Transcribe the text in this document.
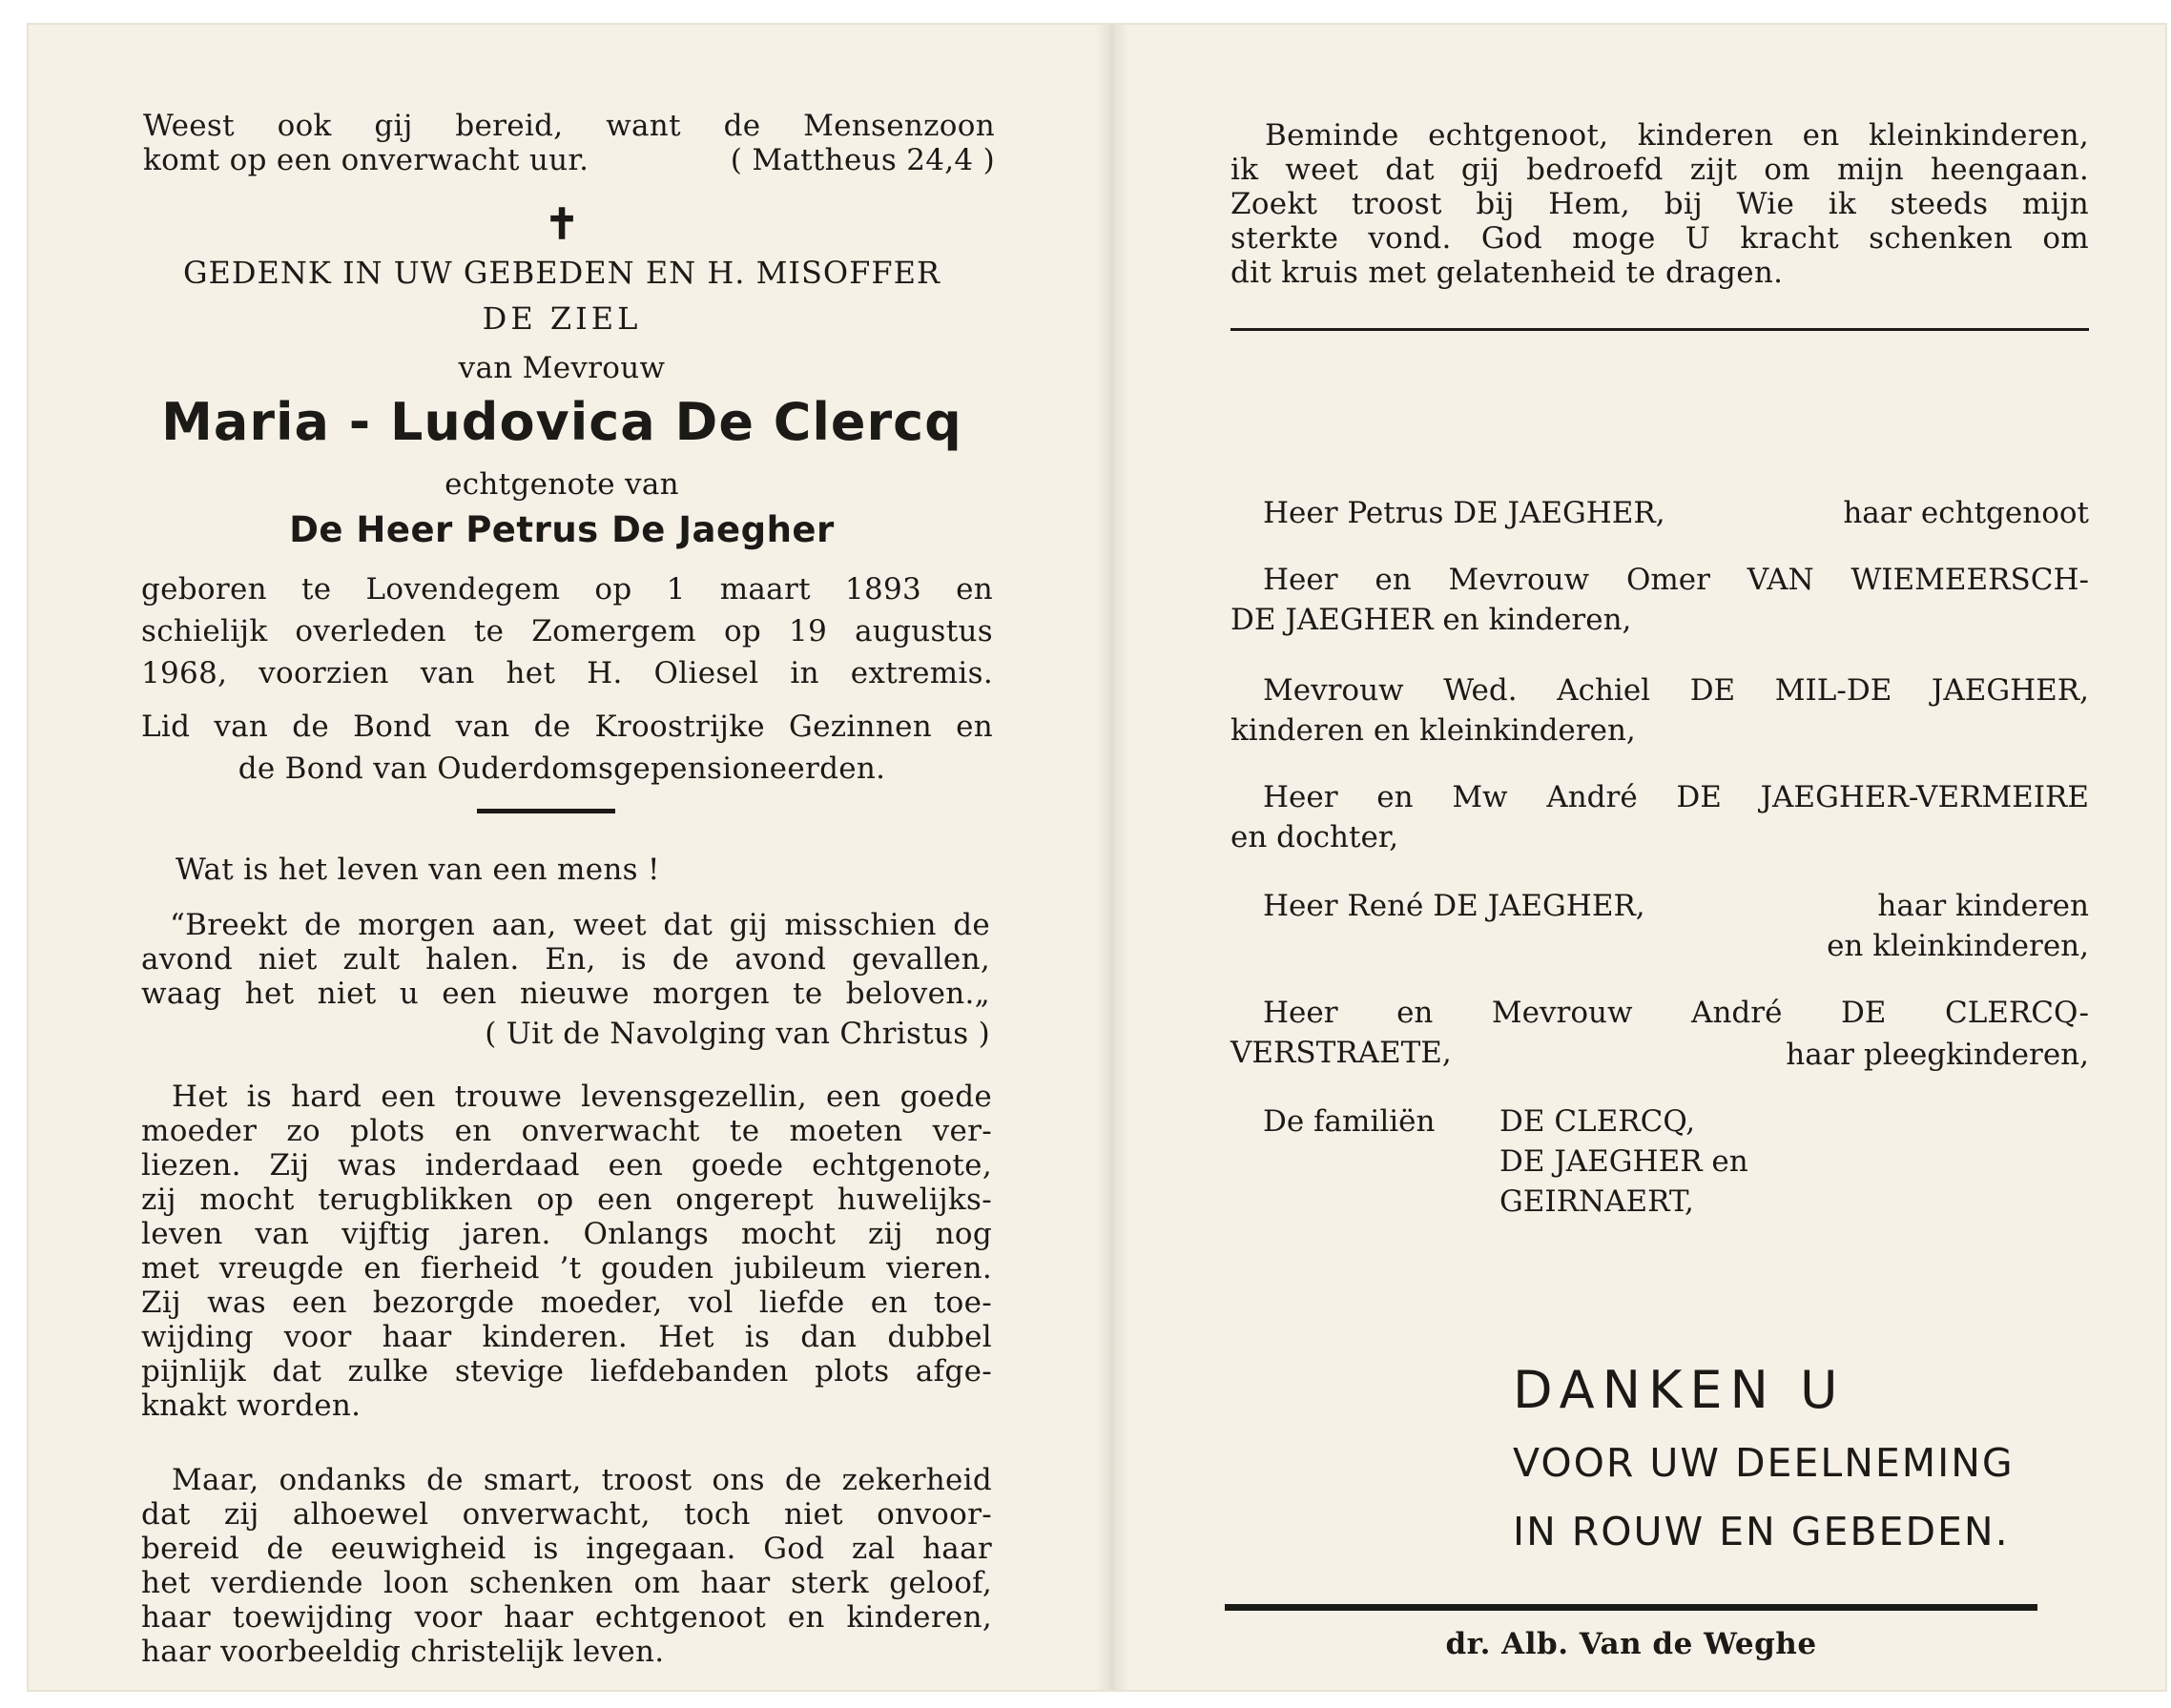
Weest ook gij bereid, want de Mensenzoon

komt op een onverwacht uur.	( Mattheus 24,4 )

✝

GEDENK IN UW GEBEDEN EN H. MISOFFER

DE ZIEL

van Mevrouw

Maria - Ludovica De Clercq

echtgenote van

De Heer Petrus De Jaegher

geboren te Lovendegem op 1 maart 1893 en

schielijk overleden te Zomergem op 19 augustus

1968, voorzien van het H. Oliesel in extremis.

Lid van de Bond van de Kroostrijke Gezinnen en

de Bond van Ouderdomsgepensioneerden.

Wat is het leven van een mens !

“Breekt de morgen aan, weet dat gij misschien de

avond niet zult halen. En, is de avond gevallen,

waag het niet u een nieuwe morgen te beloven.„

( Uit de Navolging van Christus )

Het is hard een trouwe levensgezellin, een goede

moeder zo plots en onverwacht te moeten ver-

liezen. Zij was inderdaad een goede echtgenote,

zij mocht terugblikken op een ongerept huwelijks-

leven van vijftig jaren. Onlangs mocht zij nog

met vreugde en fierheid ’t gouden jubileum vieren.

Zij was een bezorgde moeder, vol liefde en toe-

wijding voor haar kinderen. Het is dan dubbel

pijnlijk dat zulke stevige liefdebanden plots afge-

knakt worden.

Maar, ondanks de smart, troost ons de zekerheid

dat zij alhoewel onverwacht, toch niet onvoor-

bereid de eeuwigheid is ingegaan. God zal haar

het verdiende loon schenken om haar sterk geloof,

haar toewijding voor haar echtgenoot en kinderen,

haar voorbeeldig christelijk leven.

Beminde echtgenoot, kinderen en kleinkinderen,

ik weet dat gij bedroefd zijt om mijn heengaan.

Zoekt troost bij Hem, bij Wie ik steeds mijn

sterkte vond. God moge U kracht schenken om

dit kruis met gelatenheid te dragen.

Heer Petrus DE JAEGHER,	haar echtgenoot

Heer en Mevrouw Omer VAN WIEMEERSCH-

DE JAEGHER en kinderen,

Mevrouw Wed. Achiel DE MIL-DE JAEGHER,

kinderen en kleinkinderen,

Heer en Mw André DE JAEGHER-VERMEIRE

en dochter,

Heer René DE JAEGHER,	haar kinderen

en kleinkinderen,

Heer en Mevrouw André DE CLERCQ-

VERSTRAETE,	haar pleegkinderen,

De familiën DE CLERCQ,

DE JAEGHER en

GEIRNAERT,

DANKEN U

VOOR UW DEELNEMING

IN ROUW EN GEBEDEN.

dr. Alb. Van de Weghe
